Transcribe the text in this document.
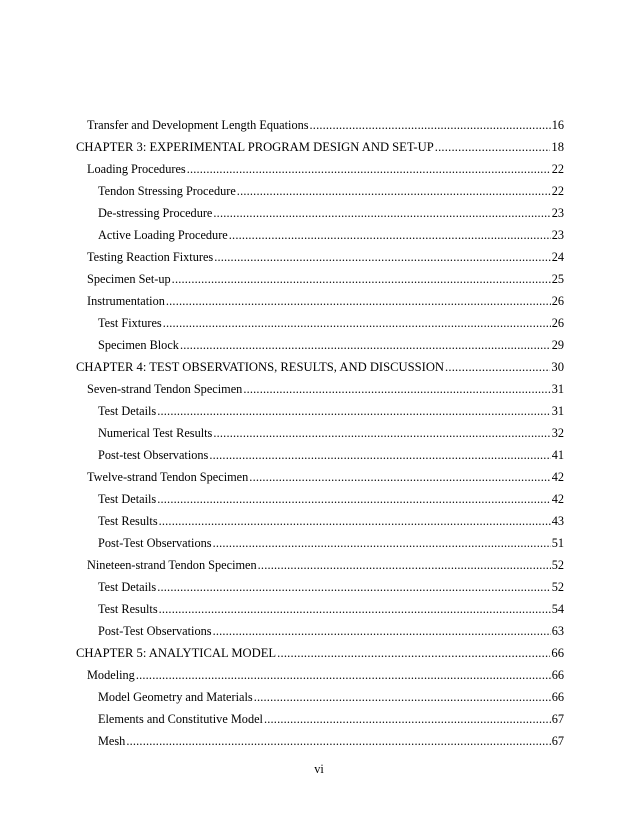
Transfer and Development Length Equations .....	16
CHAPTER 3: EXPERIMENTAL PROGRAM DESIGN AND SET-UP .....	18
Loading Procedures .....	22
Tendon Stressing Procedure .....	22
De-stressing Procedure .....	23
Active Loading Procedure .....	23
Testing Reaction Fixtures .....	24
Specimen Set-up .....	25
Instrumentation .....	26
Test Fixtures .....	26
Specimen Block .....	29
CHAPTER 4: TEST OBSERVATIONS, RESULTS, AND DISCUSSION .....	30
Seven-strand Tendon Specimen .....	31
Test Details .....	31
Numerical Test Results .....	32
Post-test Observations .....	41
Twelve-strand Tendon Specimen .....	42
Test Details .....	42
Test Results .....	43
Post-Test Observations .....	51
Nineteen-strand Tendon Specimen .....	52
Test Details .....	52
Test Results .....	54
Post-Test Observations .....	63
CHAPTER 5: ANALYTICAL MODEL .....	66
Modeling .....	66
Model Geometry and Materials .....	66
Elements and Constitutive Model .....	67
Mesh .....	67
vi
